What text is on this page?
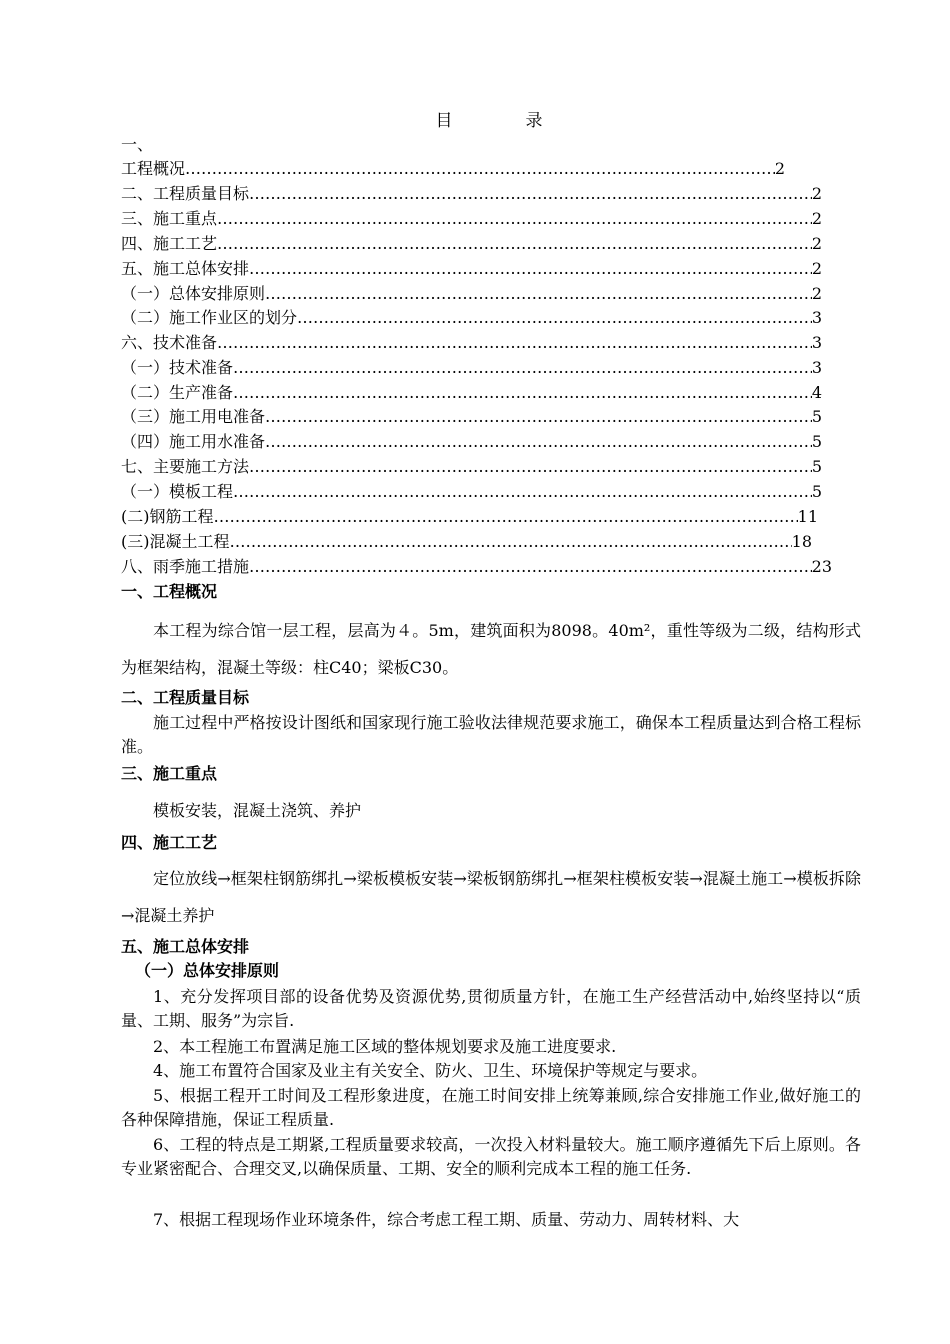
目　录
一、
工程概况 …………………………………………………………………………………………………………………………………………………………………………	2
二、工程质量目标 …………………………………………………………………………………………………………………………………………………………………………	2
三、施工重点 …………………………………………………………………………………………………………………………………………………………………………	2
四、施工工艺 …………………………………………………………………………………………………………………………………………………………………………	2
五、施工总体安排 …………………………………………………………………………………………………………………………………………………………………………	2
（一）总体安排原则 …………………………………………………………………………………………………………………………………………………………………………	2
（二）施工作业区的划分 …………………………………………………………………………………………………………………………………………………………………………	3
六、技术准备 …………………………………………………………………………………………………………………………………………………………………………	3
（一）技术准备 …………………………………………………………………………………………………………………………………………………………………………	3
（二）生产准备 …………………………………………………………………………………………………………………………………………………………………………	4
（三）施工用电准备 …………………………………………………………………………………………………………………………………………………………………………	5
（四）施工用水准备 …………………………………………………………………………………………………………………………………………………………………………	5
七、主要施工方法 …………………………………………………………………………………………………………………………………………………………………………	5
（一）模板工程 …………………………………………………………………………………………………………………………………………………………………………	5
(二)钢筋工程 …………………………………………………………………………………………………………………………………………………………………………	11
(三)混凝土工程 …………………………………………………………………………………………………………………………………………………………………………	18
八、雨季施工措施 …………………………………………………………………………………………………………………………………………………………………………	23
一、工程概况
本工程为综合馆一层工程，层高为４。5m，建筑面积为8098。40m²，重性等级为二级，结构形式为框架结构，混凝土等级：柱C40；梁板C30。
二、工程质量目标
施工过程中严格按设计图纸和国家现行施工验收法律规范要求施工，确保本工程质量达到合格工程标准。
三、施工重点
模板安装，混凝土浇筑、养护
四、施工工艺
定位放线→框架柱钢筋绑扎→梁板模板安装→梁板钢筋绑扎→框架柱模板安装→混凝土施工→模板拆除→混凝土养护
五、施工总体安排
（一）总体安排原则
1、充分发挥项目部的设备优势及资源优势,贯彻质量方针，在施工生产经营活动中,始终坚持以“质量、工期、服务”为宗旨.
2、本工程施工布置满足施工区域的整体规划要求及施工进度要求.
4、施工布置符合国家及业主有关安全、防火、卫生、环境保护等规定与要求。
5、根据工程开工时间及工程形象进度，在施工时间安排上统筹兼顾,综合安排施工作业,做好施工的各种保障措施，保证工程质量.
6、工程的特点是工期紧,工程质量要求较高，一次投入材料量较大。施工顺序遵循先下后上原则。各专业紧密配合、合理交叉,以确保质量、工期、安全的顺利完成本工程的施工任务.
7、根据工程现场作业环境条件，综合考虑工程工期、质量、劳动力、周转材料、大
